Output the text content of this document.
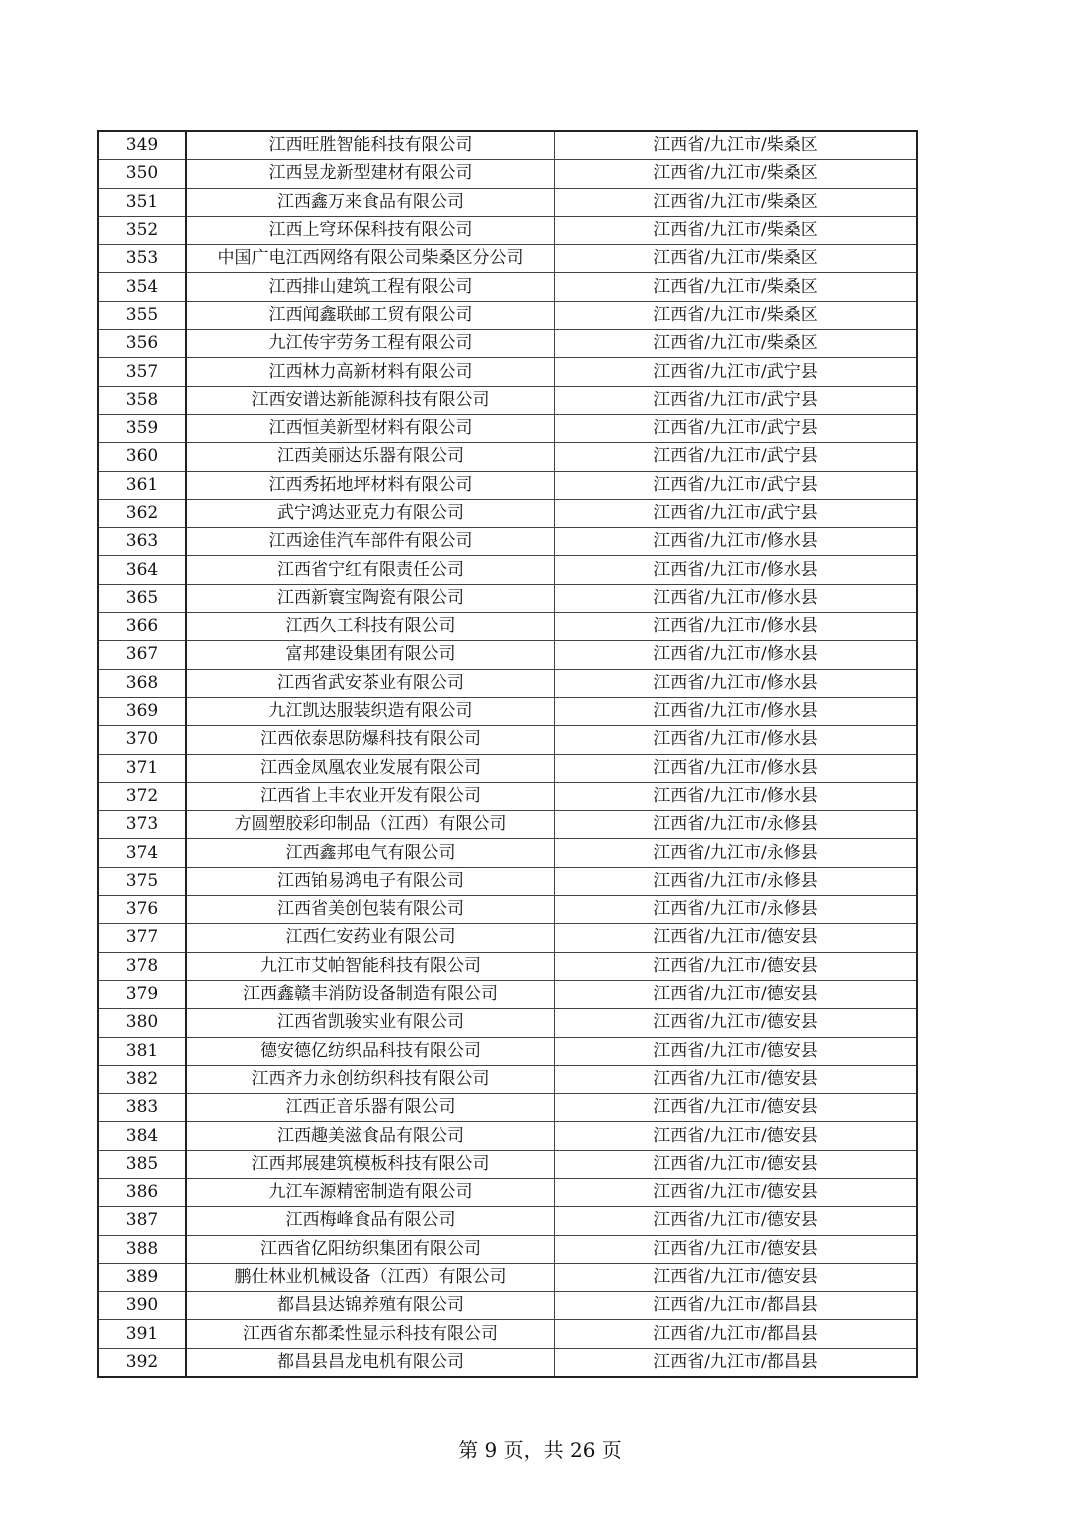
349	江西旺胜智能科技有限公司	江西省/九江市/柴桑区
350	江西昱龙新型建材有限公司	江西省/九江市/柴桑区
351	江西鑫万来食品有限公司	江西省/九江市/柴桑区
352	江西上穹环保科技有限公司	江西省/九江市/柴桑区
353	中国广电江西网络有限公司柴桑区分公司	江西省/九江市/柴桑区
354	江西排山建筑工程有限公司	江西省/九江市/柴桑区
355	江西闻鑫联邮工贸有限公司	江西省/九江市/柴桑区
356	九江传宇劳务工程有限公司	江西省/九江市/柴桑区
357	江西林力高新材料有限公司	江西省/九江市/武宁县
358	江西安谱达新能源科技有限公司	江西省/九江市/武宁县
359	江西恒美新型材料有限公司	江西省/九江市/武宁县
360	江西美丽达乐器有限公司	江西省/九江市/武宁县
361	江西秀拓地坪材料有限公司	江西省/九江市/武宁县
362	武宁鸿达亚克力有限公司	江西省/九江市/武宁县
363	江西途佳汽车部件有限公司	江西省/九江市/修水县
364	江西省宁红有限责任公司	江西省/九江市/修水县
365	江西新寰宝陶瓷有限公司	江西省/九江市/修水县
366	江西久工科技有限公司	江西省/九江市/修水县
367	富邦建设集团有限公司	江西省/九江市/修水县
368	江西省武安茶业有限公司	江西省/九江市/修水县
369	九江凯达服装织造有限公司	江西省/九江市/修水县
370	江西依泰思防爆科技有限公司	江西省/九江市/修水县
371	江西金凤凰农业发展有限公司	江西省/九江市/修水县
372	江西省上丰农业开发有限公司	江西省/九江市/修水县
373	方圆塑胶彩印制品（江西）有限公司	江西省/九江市/永修县
374	江西鑫邦电气有限公司	江西省/九江市/永修县
375	江西铂易鸿电子有限公司	江西省/九江市/永修县
376	江西省美创包装有限公司	江西省/九江市/永修县
377	江西仁安药业有限公司	江西省/九江市/德安县
378	九江市艾帕智能科技有限公司	江西省/九江市/德安县
379	江西鑫赣丰消防设备制造有限公司	江西省/九江市/德安县
380	江西省凯骏实业有限公司	江西省/九江市/德安县
381	德安德亿纺织品科技有限公司	江西省/九江市/德安县
382	江西齐力永创纺织科技有限公司	江西省/九江市/德安县
383	江西正音乐器有限公司	江西省/九江市/德安县
384	江西趣美滋食品有限公司	江西省/九江市/德安县
385	江西邦展建筑模板科技有限公司	江西省/九江市/德安县
386	九江车源精密制造有限公司	江西省/九江市/德安县
387	江西梅峰食品有限公司	江西省/九江市/德安县
388	江西省亿阳纺织集团有限公司	江西省/九江市/德安县
389	鹏仕林业机械设备（江西）有限公司	江西省/九江市/德安县
390	都昌县达锦养殖有限公司	江西省/九江市/都昌县
391	江西省东都柔性显示科技有限公司	江西省/九江市/都昌县
392	都昌县昌龙电机有限公司	江西省/九江市/都昌县
第 9 页，共 26 页
